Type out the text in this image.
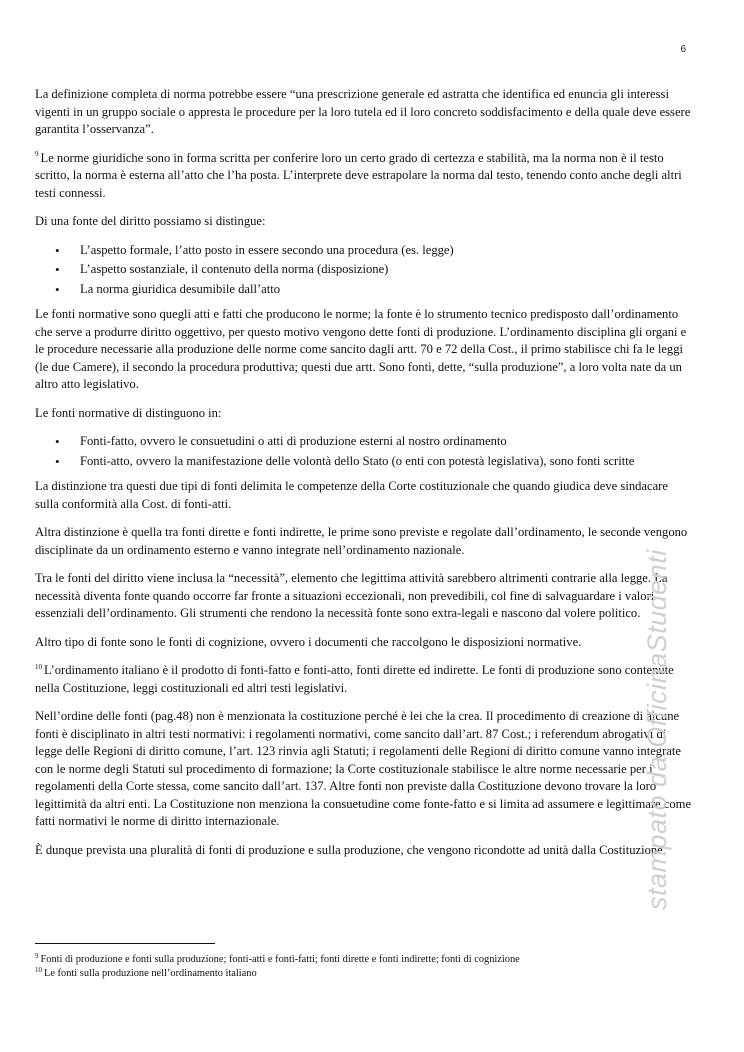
6

La definizione completa di norma potrebbe essere “una prescrizione generale ed astratta che identifica ed enuncia gli interessi vigenti in un gruppo sociale o appresta le procedure per la loro tutela ed il loro concreto soddisfacimento e della quale deve essere garantita l’osservanza”.

$^9$ Le norme giuridiche sono in forma scritta per conferire loro un certo grado di certezza e stabilità, ma la norma non è il testo scritto, la norma è esterna all’atto che l’ha posta. L’interprete deve estrapolare la norma dal testo, tenendo conto anche degli altri testi connessi.

Di una fonte del diritto possiamo si distingue:

• L’aspetto formale, l’atto posto in essere secondo una procedura (es. legge)
• L’aspetto sostanziale, il contenuto della norma (disposizione)
• La norma giuridica desumibile dall’atto

Le fonti normative sono quegli atti e fatti che producono le norme; la fonte è lo strumento tecnico predisposto dall’ordinamento che serve a produrre diritto oggettivo, per questo motivo vengono dette fonti di produzione. L’ordinamento disciplina gli organi e le procedure necessarie alla produzione delle norme come sancito dagli artt. 70 e 72 della Cost., il primo stabilisce chi fa le leggi (le due Camere), il secondo la procedura produttiva; questi due artt. Sono fonti, dette, “sulla produzione”, a loro volta nate da un altro atto legislativo.

Le fonti normative di distinguono in:

• Fonti-fatto, ovvero le consuetudini o atti di produzione esterni al nostro ordinamento
• Fonti-atto, ovvero la manifestazione delle volontà dello Stato (o enti con potestà legislativa), sono fonti scritte

La distinzione tra questi due tipi di fonti delimita le competenze della Corte costituzionale che quando giudica deve sindacare sulla conformità alla Cost. di fonti-atti.

Altra distinzione è quella tra fonti dirette e fonti indirette, le prime sono previste e regolate dall’ordinamento, le seconde vengono disciplinate da un ordinamento esterno e vanno integrate nell’ordinamento nazionale.

Tra le fonti del diritto viene inclusa la “necessità”, elemento che legittima attività sarebbero altrimenti contrarie alla legge. La necessità diventa fonte quando occorre far fronte a situazioni eccezionali, non prevedibili, col fine di salvaguardare i valori essenziali dell’ordinamento. Gli strumenti che rendono la necessità fonte sono extra-legali e nascono dal volere politico.

Altro tipo di fonte sono le fonti di cognizione, ovvero i documenti che raccolgono le disposizioni normative.

$^{10}$ L’ordinamento italiano è il prodotto di fonti-fatto e fonti-atto, fonti dirette ed indirette. Le fonti di produzione sono contenute nella Costituzione, leggi costituzionali ed altri testi legislativi.

Nell’ordine delle fonti (pag.48) non è menzionata la costituzione perché è lei che la crea. Il procedimento di creazione di alcune fonti è disciplinato in altri testi normativi: i regolamenti normativi, come sancito dall’art. 87 Cost.; i referendum abrogativi di legge delle Regioni di diritto comune, l’art. 123 rinvia agli Statuti; i regolamenti delle Regioni di diritto comune vanno integrate con le norme degli Statuti sul procedimento di formazione; la Corte costituzionale stabilisce le altre norme necessarie per i regolamenti della Corte stessa, come sancito dall’art. 137. Altre fonti non previste dalla Costituzione devono trovare la loro legittimità da altri enti. La Costituzione non menziona la consuetudine come fonte-fatto e si limita ad assumere e legittimare come fatti normativi le norme di diritto internazionale.

È dunque prevista una pluralità di fonti di produzione e sulla produzione, che vengono ricondotte ad unità dalla Costituzione.

$^9$ Fonti di produzione e fonti sulla produzione; fonti-atti e fonti-fatti; fonti dirette e fonti indirette; fonti di cognizione
$^{10}$ Le fonti sulla produzione nell’ordinamento italiano
stampato da OfficinaStudenti
